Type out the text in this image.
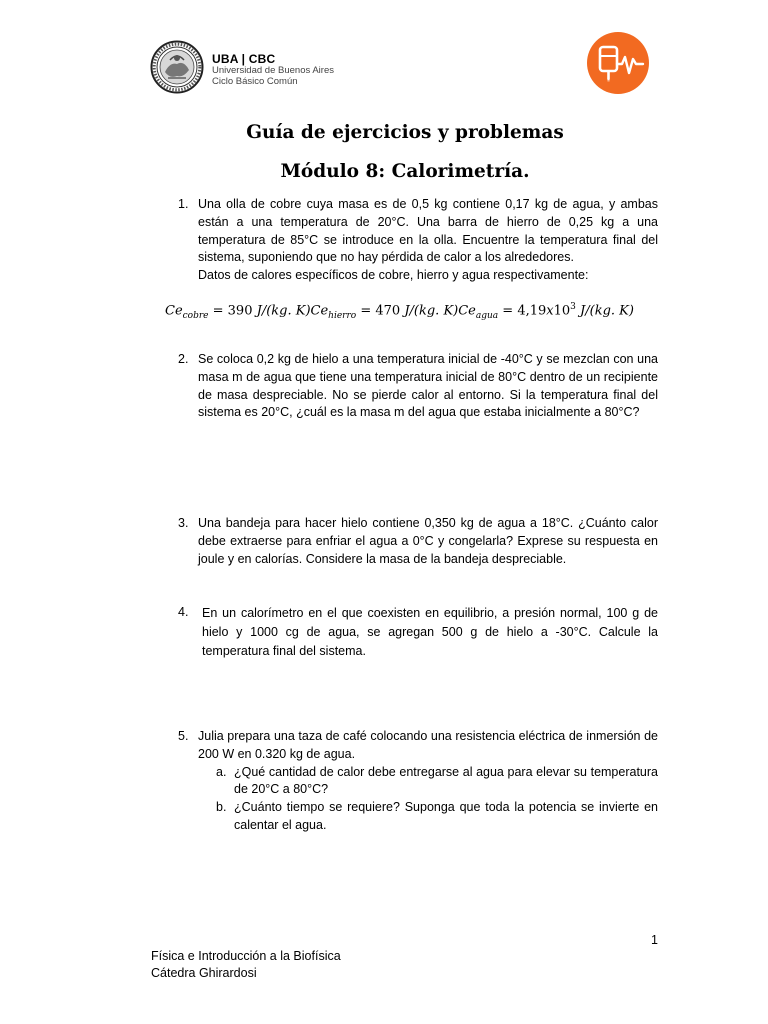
UBA | CBC
Universidad de Buenos Aires
Ciclo Básico Común
Guía de ejercicios y problemas
Módulo 8: Calorimetría.
1. Una olla de cobre cuya masa es de 0,5 kg contiene 0,17 kg de agua, y ambas están a una temperatura de 20°C. Una barra de hierro de 0,25 kg a una temperatura de 85°C se introduce en la olla. Encuentre la temperatura final del sistema, suponiendo que no hay pérdida de calor a los alrededores.
Datos de calores específicos de cobre, hierro y agua respectivamente:
$Ce_{cobre} = 390$ J/(kg. $K)Ce_{hierro} = 470$ J/(kg. $K)Ce_{agua} = 4,19x10^3$ J/(kg. K)
2. Se coloca 0,2 kg de hielo a una temperatura inicial de -40°C y se mezclan con una masa m de agua que tiene una temperatura inicial de 80°C dentro de un recipiente de masa despreciable. No se pierde calor al entorno. Si la temperatura final del sistema es 20°C, ¿cuál es la masa m del agua que estaba inicialmente a 80°C?
3. Una bandeja para hacer hielo contiene 0,350 kg de agua a 18°C. ¿Cuánto calor debe extraerse para enfriar el agua a 0°C y congelarla? Exprese su respuesta en joule y en calorías. Considere la masa de la bandeja despreciable.
4.	En un calorímetro en el que coexisten en equilibrio, a presión normal, 100 g de hielo y 1000 cg de agua, se agregan 500 g de hielo a -30°C. Calcule la temperatura final del sistema.
5. Julia prepara una taza de café colocando una resistencia eléctrica de inmersión de 200 W en 0.320 kg de agua.
a. ¿Qué cantidad de calor debe entregarse al agua para elevar su temperatura de 20°C a 80°C?
b. ¿Cuánto tiempo se requiere? Suponga que toda la potencia se invierte en calentar el agua.
1
Física e Introducción a la Biofísica
Cátedra Ghirardosi
